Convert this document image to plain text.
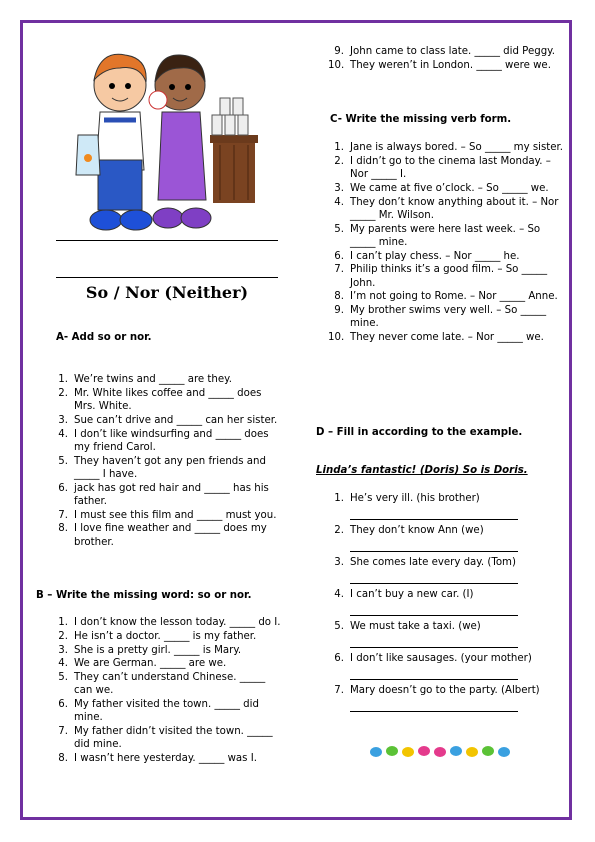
So / Nor (Neither)
A- Add so or nor.
1. We’re twins and _____ are they.
2. Mr. White likes coffee and _____ does Mrs. White.
3. Sue can’t drive and _____ can her sister.
4. I don’t like windsurfing and _____ does my friend Carol.
5. They haven’t got any pen friends and _____ I have.
6. jack has got red hair and _____ has his father.
7. I must see this film and _____ must you.
8. I love fine weather and _____ does my brother.
B – Write the missing word: so or nor.
1. I don’t know the lesson today. _____ do I.
2. He isn’t a doctor. _____ is my father.
3. She is a pretty girl. _____ is Mary.
4. We are German. _____ are we.
5. They can’t understand Chinese. _____ can we.
6. My father visited the town. _____ did mine.
7. My father didn’t visited the town. _____ did mine.
8. I wasn’t here yesterday. _____ was I.
9. John came to class late. _____ did Peggy.
10. They weren’t in London. _____ were we.
C- Write the missing verb form.
1. Jane is always bored. – So _____ my sister.
2. I didn’t go to the cinema last Monday. – Nor _____ I.
3. We came at five o’clock. – So _____ we.
4. They don’t know anything about it. – Nor _____ Mr. Wilson.
5. My parents were here last week. – So _____ mine.
6. I can’t play chess. – Nor _____ he.
7. Philip thinks it’s a good film. – So _____ John.
8. I’m not going to Rome. – Nor _____ Anne.
9. My brother swims very well. – So _____ mine.
10. They never come late. – Nor _____ we.
D – Fill in according to the example.
Linda’s fantastic! (Doris) So is Doris.
1. He’s very ill. (his brother)
2. They don’t know Ann (we)
3. She comes late every day. (Tom)
4. I can’t buy a new car. (I)
5. We must take a taxi. (we)
6. I don’t like sausages. (your mother)
7. Mary doesn’t go to the party. (Albert)
